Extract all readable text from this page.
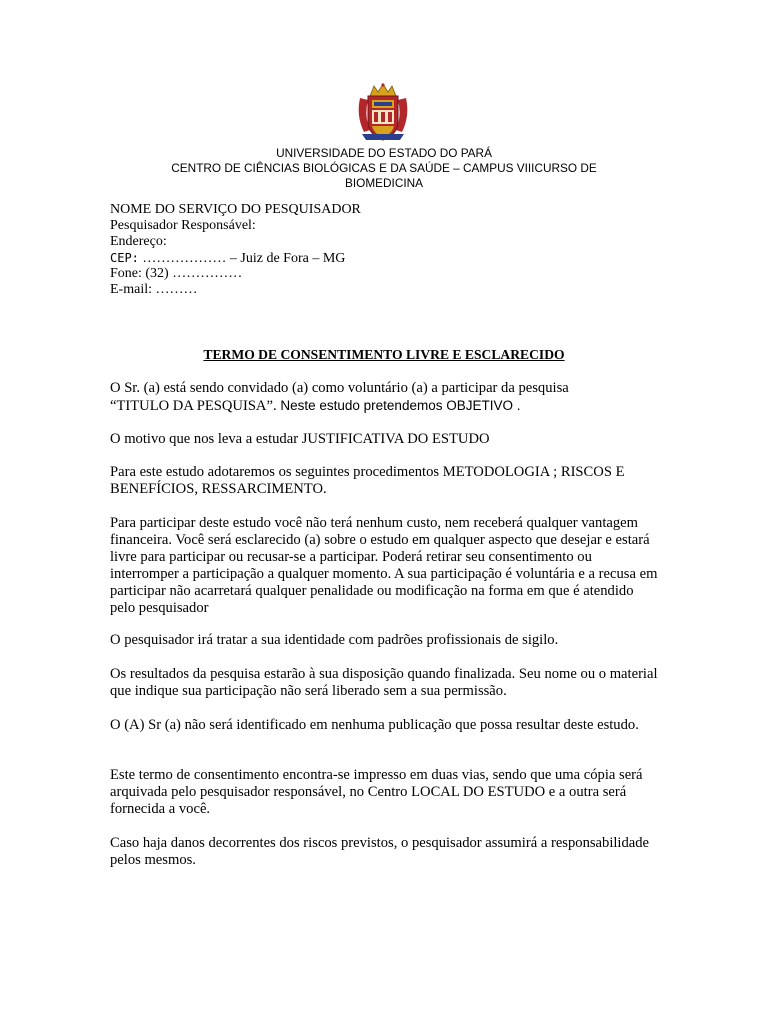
UNIVERSIDADE DO ESTADO DO PARÁ
CENTRO DE CIÊNCIAS BIOLÓGICAS E DA SAÚDE – CAMPUS VIIICURSO DE
BIOMEDICINA
NOME DO SERVIÇO DO PESQUISADOR
Pesquisador Responsável:
Endereço:
CEP: ……………… – Juiz de Fora – MG
Fone: (32) ……………
E-mail: ………
TERMO DE CONSENTIMENTO LIVRE E ESCLARECIDO
O Sr. (a) está sendo convidado (a) como voluntário (a) a participar da pesquisa
“TITULO DA PESQUISA”. Neste estudo pretendemos OBJETIVO .
O motivo que nos leva a estudar JUSTIFICATIVA DO ESTUDO
Para este estudo adotaremos os seguintes procedimentos METODOLOGIA ; RISCOS E BENEFÍCIOS, RESSARCIMENTO.
Para participar deste estudo você não terá nenhum custo, nem receberá qualquer vantagem financeira. Você será esclarecido (a) sobre o estudo em qualquer aspecto que desejar e estará livre para participar ou recusar-se a participar. Poderá retirar seu consentimento ou interromper a participação a qualquer momento. A sua participação é voluntária e a recusa em participar não acarretará qualquer penalidade ou modificação na forma em que é atendido pelo pesquisador
O pesquisador irá tratar a sua identidade com padrões profissionais de sigilo.
Os resultados da pesquisa estarão à sua disposição quando finalizada. Seu nome ou o material que indique sua participação não será liberado sem a sua permissão.
O (A) Sr (a) não será identificado em nenhuma publicação que possa resultar deste estudo.
Este termo de consentimento encontra-se impresso em duas vias, sendo que uma cópia será arquivada pelo pesquisador responsável, no Centro LOCAL DO ESTUDO e a outra será fornecida a você.
Caso haja danos decorrentes dos riscos previstos, o pesquisador assumirá a responsabilidade pelos mesmos.
